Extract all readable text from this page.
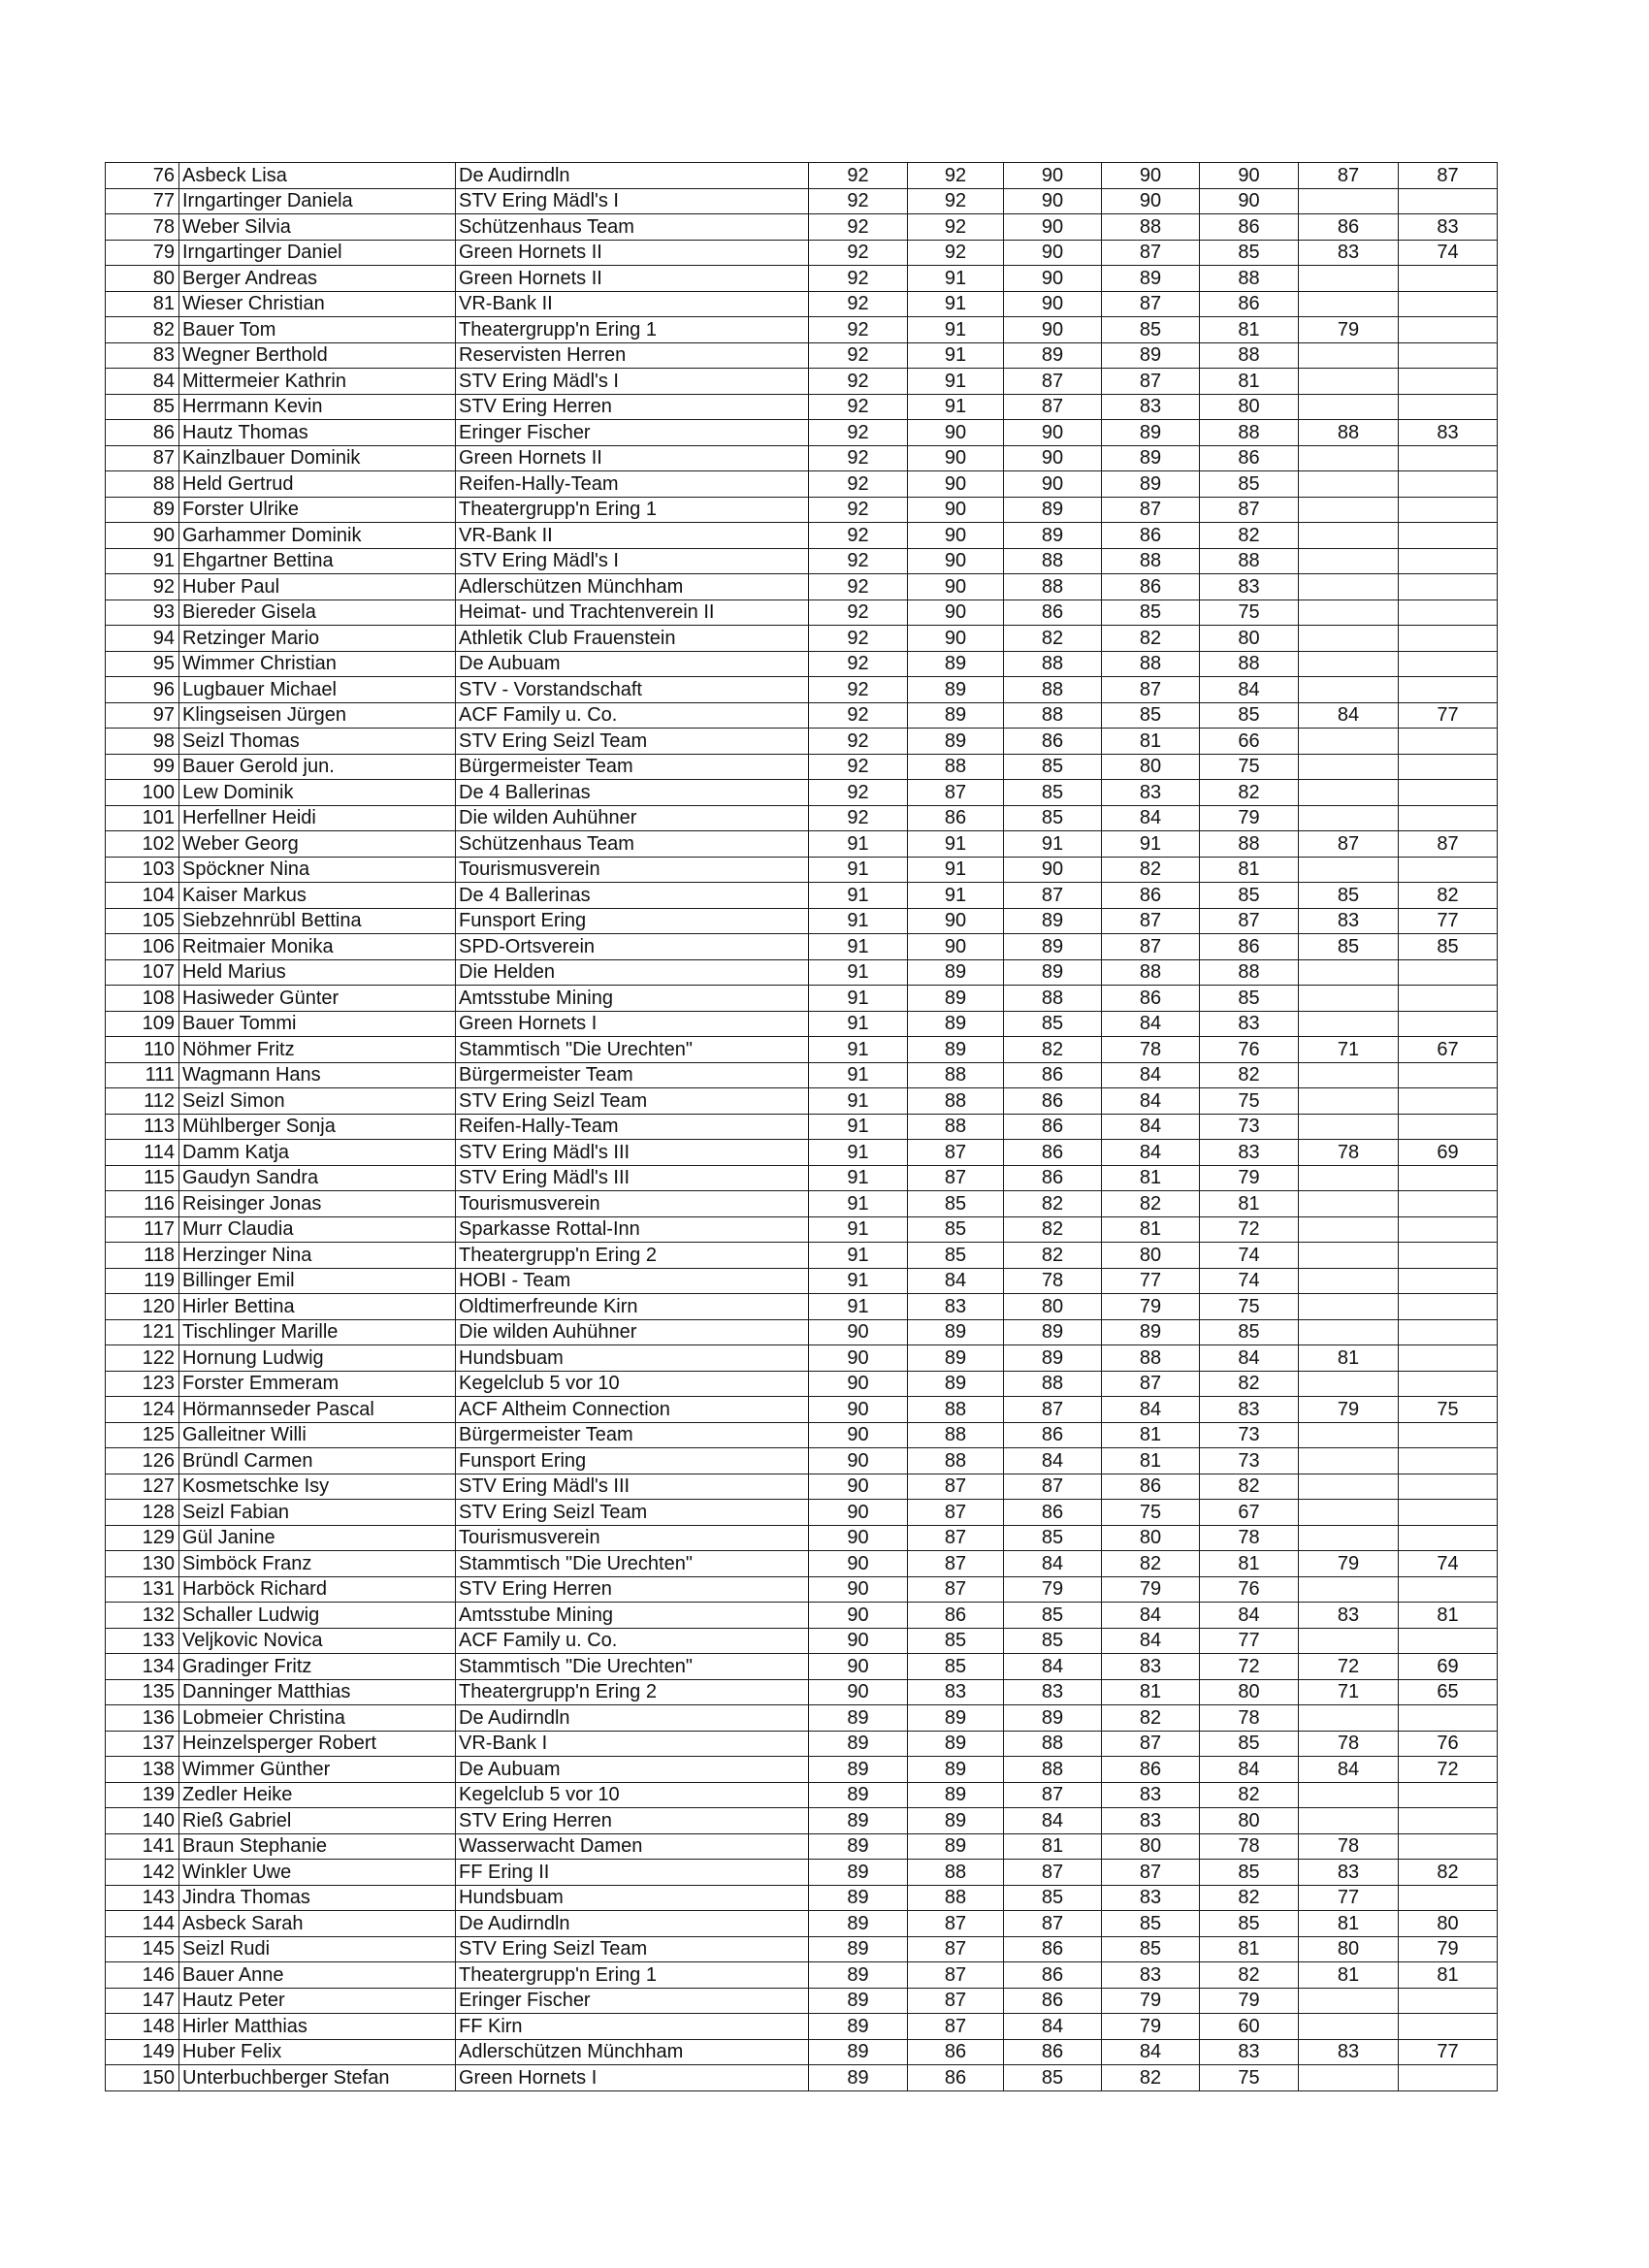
76	Asbeck Lisa	De Audirndln	92	92	90	90	90	87	87
77	Irngartinger Daniela	STV Ering Mädl's I	92	92	90	90	90		
78	Weber Silvia	Schützenhaus Team	92	92	90	88	86	86	83
79	Irngartinger Daniel	Green Hornets II	92	92	90	87	85	83	74
80	Berger Andreas	Green Hornets II	92	91	90	89	88		
81	Wieser Christian	VR-Bank II	92	91	90	87	86		
82	Bauer Tom	Theatergrupp'n Ering 1	92	91	90	85	81	79	
83	Wegner Berthold	Reservisten Herren	92	91	89	89	88		
84	Mittermeier Kathrin	STV Ering Mädl's I	92	91	87	87	81		
85	Herrmann Kevin	STV Ering Herren	92	91	87	83	80		
86	Hautz Thomas	Eringer Fischer	92	90	90	89	88	88	83
87	Kainzlbauer Dominik	Green Hornets II	92	90	90	89	86		
88	Held Gertrud	Reifen-Hally-Team	92	90	90	89	85		
89	Forster Ulrike	Theatergrupp'n Ering 1	92	90	89	87	87		
90	Garhammer Dominik	VR-Bank II	92	90	89	86	82		
91	Ehgartner Bettina	STV Ering Mädl's I	92	90	88	88	88		
92	Huber Paul	Adlerschützen Münchham	92	90	88	86	83		
93	Biereder Gisela	Heimat- und Trachtenverein II	92	90	86	85	75		
94	Retzinger Mario	Athletik Club Frauenstein	92	90	82	82	80		
95	Wimmer Christian	De Aubuam	92	89	88	88	88		
96	Lugbauer Michael	STV - Vorstandschaft	92	89	88	87	84		
97	Klingseisen Jürgen	ACF Family u. Co.	92	89	88	85	85	84	77
98	Seizl Thomas	STV Ering Seizl Team	92	89	86	81	66		
99	Bauer Gerold jun.	Bürgermeister Team	92	88	85	80	75		
100	Lew Dominik	De 4 Ballerinas	92	87	85	83	82		
101	Herfellner Heidi	Die wilden Auhühner	92	86	85	84	79		
102	Weber Georg	Schützenhaus Team	91	91	91	91	88	87	87
103	Spöckner Nina	Tourismusverein	91	91	90	82	81		
104	Kaiser Markus	De 4 Ballerinas	91	91	87	86	85	85	82
105	Siebzehnrübl Bettina	Funsport Ering	91	90	89	87	87	83	77
106	Reitmaier Monika	SPD-Ortsverein	91	90	89	87	86	85	85
107	Held Marius	Die Helden	91	89	89	88	88		
108	Hasiweder Günter	Amtsstube Mining	91	89	88	86	85		
109	Bauer Tommi	Green Hornets I	91	89	85	84	83		
110	Nöhmer Fritz	Stammtisch "Die Urechten"	91	89	82	78	76	71	67
111	Wagmann Hans	Bürgermeister Team	91	88	86	84	82		
112	Seizl Simon	STV Ering Seizl Team	91	88	86	84	75		
113	Mühlberger Sonja	Reifen-Hally-Team	91	88	86	84	73		
114	Damm Katja	STV Ering Mädl's III	91	87	86	84	83	78	69
115	Gaudyn Sandra	STV Ering Mädl's III	91	87	86	81	79		
116	Reisinger Jonas	Tourismusverein	91	85	82	82	81		
117	Murr Claudia	Sparkasse Rottal-Inn	91	85	82	81	72		
118	Herzinger Nina	Theatergrupp'n Ering 2	91	85	82	80	74		
119	Billinger Emil	HOBI - Team	91	84	78	77	74		
120	Hirler Bettina	Oldtimerfreunde Kirn	91	83	80	79	75		
121	Tischlinger Marille	Die wilden Auhühner	90	89	89	89	85		
122	Hornung Ludwig	Hundsbuam	90	89	89	88	84	81	
123	Forster Emmeram	Kegelclub 5 vor 10	90	89	88	87	82		
124	Hörmannseder Pascal	ACF Altheim Connection	90	88	87	84	83	79	75
125	Galleitner Willi	Bürgermeister Team	90	88	86	81	73		
126	Bründl Carmen	Funsport Ering	90	88	84	81	73		
127	Kosmetschke Isy	STV Ering Mädl's III	90	87	87	86	82		
128	Seizl Fabian	STV Ering Seizl Team	90	87	86	75	67		
129	Gül Janine	Tourismusverein	90	87	85	80	78		
130	Simböck Franz	Stammtisch "Die Urechten"	90	87	84	82	81	79	74
131	Harböck Richard	STV Ering Herren	90	87	79	79	76		
132	Schaller Ludwig	Amtsstube Mining	90	86	85	84	84	83	81
133	Veljkovic Novica	ACF Family u. Co.	90	85	85	84	77		
134	Gradinger Fritz	Stammtisch "Die Urechten"	90	85	84	83	72	72	69
135	Danninger Matthias	Theatergrupp'n Ering 2	90	83	83	81	80	71	65
136	Lobmeier Christina	De Audirndln	89	89	89	82	78		
137	Heinzelsperger Robert	VR-Bank I	89	89	88	87	85	78	76
138	Wimmer Günther	De Aubuam	89	89	88	86	84	84	72
139	Zedler Heike	Kegelclub 5 vor 10	89	89	87	83	82		
140	Rieß Gabriel	STV Ering Herren	89	89	84	83	80		
141	Braun Stephanie	Wasserwacht Damen	89	89	81	80	78	78	
142	Winkler Uwe	FF Ering II	89	88	87	87	85	83	82
143	Jindra Thomas	Hundsbuam	89	88	85	83	82	77	
144	Asbeck Sarah	De Audirndln	89	87	87	85	85	81	80
145	Seizl Rudi	STV Ering Seizl Team	89	87	86	85	81	80	79
146	Bauer Anne	Theatergrupp'n Ering 1	89	87	86	83	82	81	81
147	Hautz Peter	Eringer Fischer	89	87	86	79	79		
148	Hirler Matthias	FF Kirn	89	87	84	79	60		
149	Huber Felix	Adlerschützen Münchham	89	86	86	84	83	83	77
150	Unterbuchberger Stefan	Green Hornets I	89	86	85	82	75		
